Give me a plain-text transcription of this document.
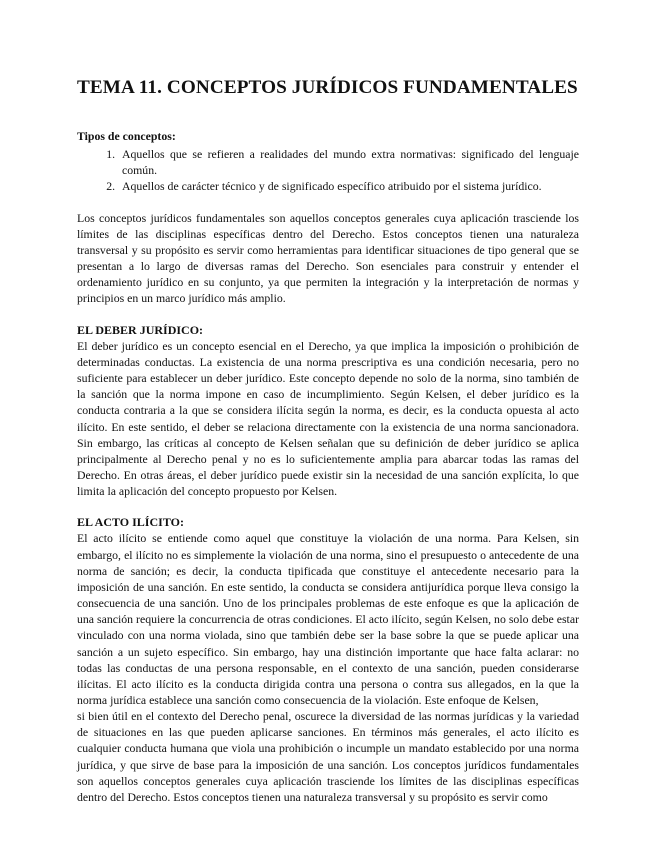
TEMA 11. CONCEPTOS JURÍDICOS FUNDAMENTALES

Tipos de conceptos:

1. Aquellos que se refieren a realidades del mundo extra normativas: significado del lenguaje común.
2. Aquellos de carácter técnico y de significado específico atribuido por el sistema jurídico.

Los conceptos jurídicos fundamentales son aquellos conceptos generales cuya aplicación trasciende los límites de las disciplinas específicas dentro del Derecho. Estos conceptos tienen una naturaleza transversal y su propósito es servir como herramientas para identificar situaciones de tipo general que se presentan a lo largo de diversas ramas del Derecho. Son esenciales para construir y entender el ordenamiento jurídico en su conjunto, ya que permiten la integración y la interpretación de normas y principios en un marco jurídico más amplio.

EL DEBER JURÍDICO:

El deber jurídico es un concepto esencial en el Derecho, ya que implica la imposición o prohibición de determinadas conductas. La existencia de una norma prescriptiva es una condición necesaria, pero no suficiente para establecer un deber jurídico. Este concepto depende no solo de la norma, sino también de la sanción que la norma impone en caso de incumplimiento. Según Kelsen, el deber jurídico es la conducta contraria a la que se considera ilícita según la norma, es decir, es la conducta opuesta al acto ilícito. En este sentido, el deber se relaciona directamente con la existencia de una norma sancionadora. Sin embargo, las críticas al concepto de Kelsen señalan que su definición de deber jurídico se aplica principalmente al Derecho penal y no es lo suficientemente amplia para abarcar todas las ramas del Derecho. En otras áreas, el deber jurídico puede existir sin la necesidad de una sanción explícita, lo que limita la aplicación del concepto propuesto por Kelsen.

EL ACTO ILÍCITO:

El acto ilícito se entiende como aquel que constituye la violación de una norma. Para Kelsen, sin embargo, el ilícito no es simplemente la violación de una norma, sino el presupuesto o antecedente de una norma de sanción; es decir, la conducta tipificada que constituye el antecedente necesario para la imposición de una sanción. En este sentido, la conducta se considera antijurídica porque lleva consigo la consecuencia de una sanción. Uno de los principales problemas de este enfoque es que la aplicación de una sanción requiere la concurrencia de otras condiciones. El acto ilícito, según Kelsen, no solo debe estar vinculado con una norma violada, sino que también debe ser la base sobre la que se puede aplicar una sanción a un sujeto específico. Sin embargo, hay una distinción importante que hace falta aclarar: no todas las conductas de una persona responsable, en el contexto de una sanción, pueden considerarse ilícitas. El acto ilícito es la conducta dirigida contra una persona o contra sus allegados, en la que la norma jurídica establece una sanción como consecuencia de la violación. Este enfoque de Kelsen,

si bien útil en el contexto del Derecho penal, oscurece la diversidad de las normas jurídicas y la variedad de situaciones en las que pueden aplicarse sanciones. En términos más generales, el acto ilícito es cualquier conducta humana que viola una prohibición o incumple un mandato establecido por una norma jurídica, y que sirve de base para la imposición de una sanción. Los conceptos jurídicos fundamentales son aquellos conceptos generales cuya aplicación trasciende los límites de las disciplinas específicas dentro del Derecho. Estos conceptos tienen una naturaleza transversal y su propósito es servir como
